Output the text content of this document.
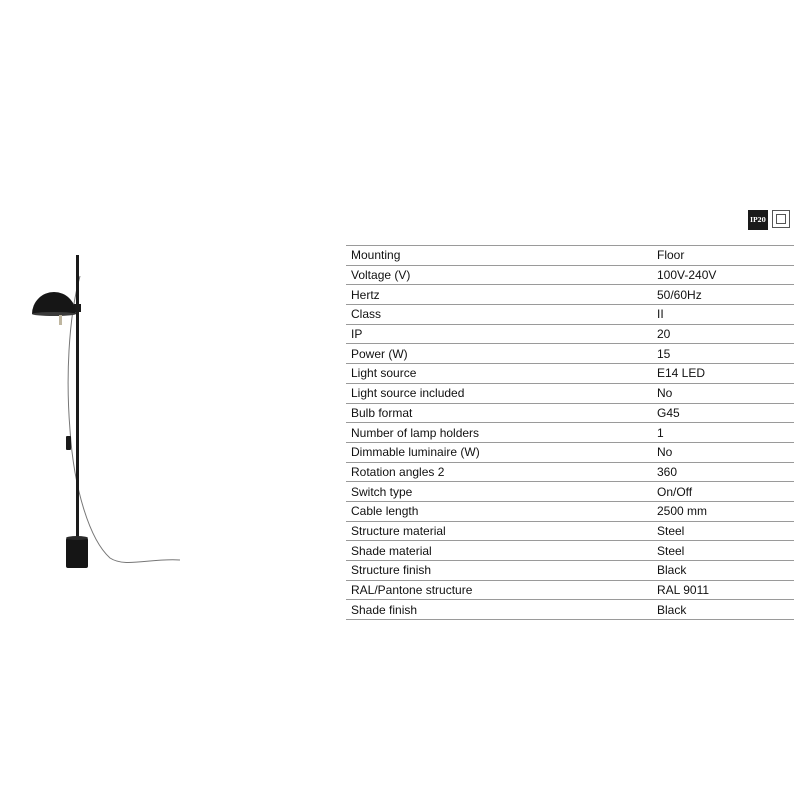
IP20
Mounting	Floor
Voltage (V)	100V-240V
Hertz	50/60Hz
Class	II
IP	20
Power (W)	15
Light source	E14 LED
Light source included	No
Bulb format	G45
Number of lamp holders	1
Dimmable luminaire (W)	No
Rotation angles 2	360
Switch type	On/Off
Cable length	2500 mm
Structure material	Steel
Shade material	Steel
Structure finish	Black
RAL/Pantone structure	RAL 9011
Shade finish	Black
